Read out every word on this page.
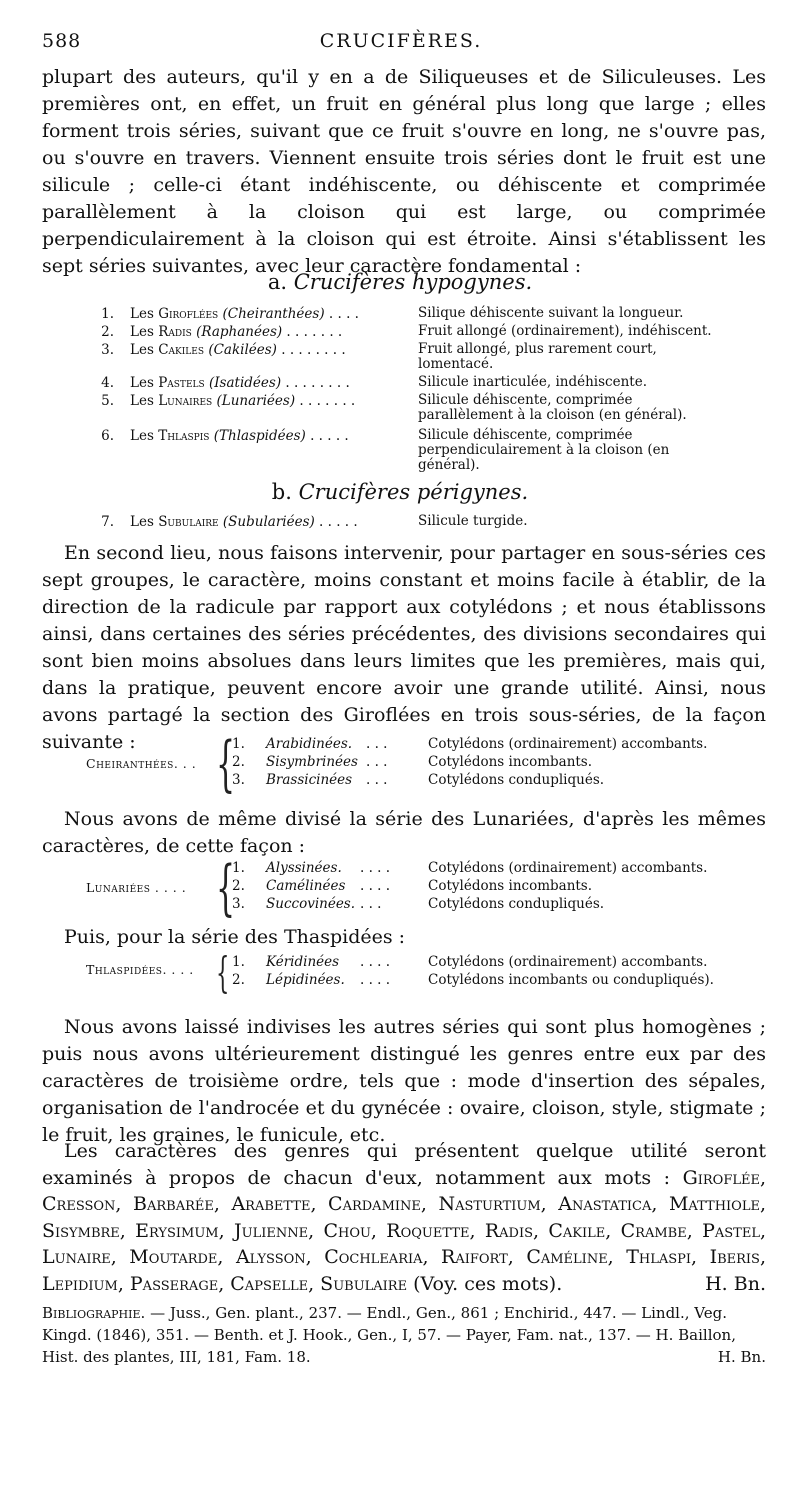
588	CRUCIFÈRES.
plupart des auteurs, qu'il y en a de Siliqueuses et de Siliculeuses. Les premières ont, en effet, un fruit en général plus long que large ; elles forment trois séries, suivant que ce fruit s'ouvre en long, ne s'ouvre pas, ou s'ouvre en travers. Viennent ensuite trois séries dont le fruit est une silicule ; celle-ci étant indéhiscente, ou déhiscente et comprimée parallèlement à la cloison qui est large, ou comprimée perpendiculairement à la cloison qui est étroite. Ainsi s'établissent les sept séries suivantes, avec leur caractère fondamental :
a. Crucifères hypogynes.
1. Les Giroflées (Cheiranthées) . . . .	Silique déhiscente suivant la longueur.
2. Les Radis (Raphanées) . . . . . . .	Fruit allongé (ordinairement), indéhiscent.
3. Les Cakiles (Cakilées) . . . . . . . .	Fruit allongé, plus rarement court, lomentacé.
4. Les Pastels (Isatidées) . . . . . . . .	Silicule inarticulée, indéhiscente.
5. Les Lunaires (Lunariées) . . . . . . .	Silicule déhiscente, comprimée parallèlement à la cloison (en général).
6. Les Thlaspis (Thlaspidées) . . . . .	Silicule déhiscente, comprimée perpendiculairement à la cloison (en général).
b. Crucifères périgynes.
7. Les Subulaire (Subulariées) . . . . .	Silicule turgide.
En second lieu, nous faisons intervenir, pour partager en sous-séries ces sept groupes, le caractère, moins constant et moins facile à établir, de la direction de la radicule par rapport aux cotylédons ; et nous établissons ainsi, dans certaines des séries précédentes, des divisions secondaires qui sont bien moins absolues dans leurs limites que les premières, mais qui, dans la pratique, peuvent encore avoir une grande utilité. Ainsi, nous avons partagé la section des Giroflées en trois sous-séries, de la façon suivante :
Cheiranthées. . . {
1. Arabidinées. . . .	Cotylédons (ordinairement) accombants.
2. Sisymbrinées . . .	Cotylédons incombants.
3. Brassicinées . . .	Cotylédons condupliqués.
Nous avons de même divisé la série des Lunariées, d'après les mêmes caractères, de cette façon :
Lunariées . . . . {
1. Alyssinées. . . . .	Cotylédons (ordinairement) accombants.
2. Camélinées . . . .	Cotylédons incombants.
3. Succovinées. . . .	Cotylédons condupliqués.
Puis, pour la série des Thaspidées :
Thlaspidées. . . . { 1. Kéridinées . . . .	Cotylédons (ordinairement) accombants.
2. Lépidinées. . . . .	Cotylédons incombants ou condupliqués).
Nous avons laissé indivises les autres séries qui sont plus homogènes ; puis nous avons ultérieurement distingué les genres entre eux par des caractères de troisième ordre, tels que : mode d'insertion des sépales, organisation de l'androcée et du gynécée : ovaire, cloison, style, stigmate ; le fruit, les graines, le funicule, etc.
Les caractères des genres qui présentent quelque utilité seront examinés à propos de chacun d'eux, notamment aux mots : Giroflée, Cresson, Barbarée, Arabette, Cardamine, Nasturtium, Anastatica, Matthiole, Sisymbre, Erysimum, Julienne, Chou, Roquette, Radis, Cakile, Crambe, Pastel, Lunaire, Moutarde, Alysson, Cochlearia, Raifort, Caméline, Thlaspi, Iberis, Lepidium, Passerage, Capselle, Subulaire (Voy. ces mots).	H. Bn.
Bibliographie. — Juss., Gen. plant., 237. — Endl., Gen., 861 ; Enchirid., 447. — Lindl., Veg. Kingd. (1846), 351. — Benth. et J. Hook., Gen., I, 57. — Payer, Fam. nat., 137. — H. Baillon, Hist. des plantes, III, 181, Fam. 18.	H. Bn.
